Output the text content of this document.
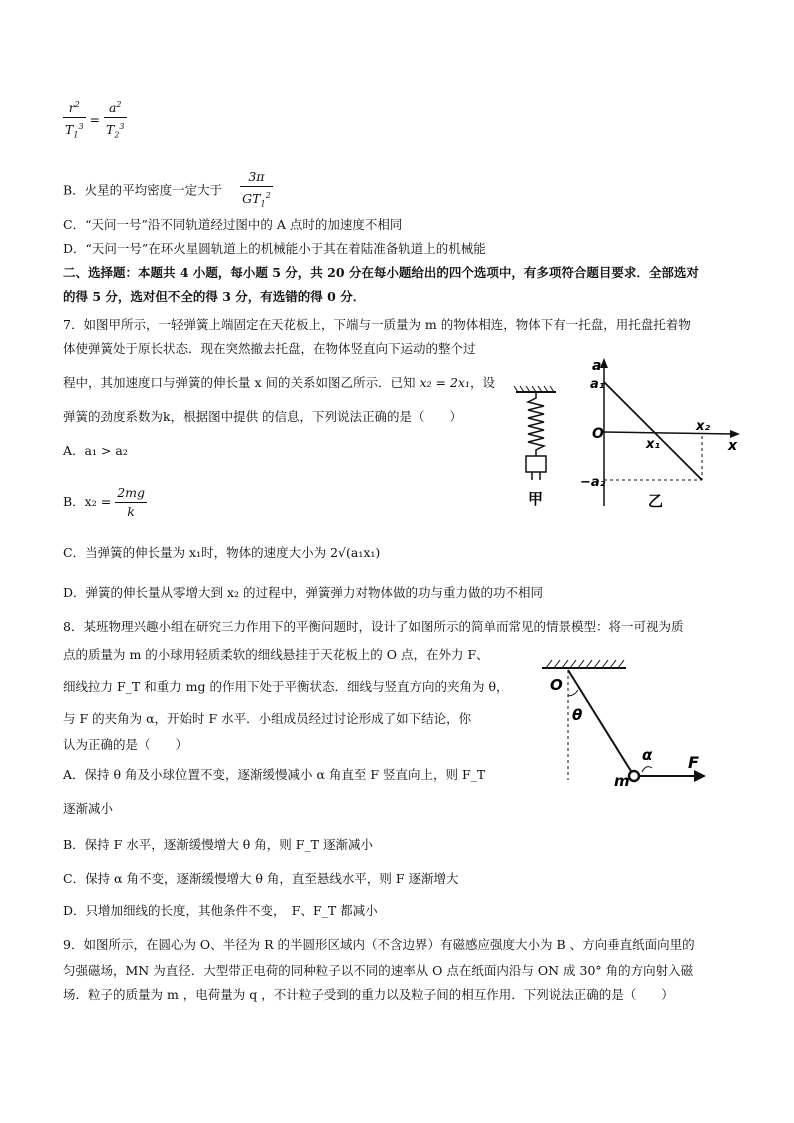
$\frac{r^2}{T_1^3} = \frac{a^2}{T_2^3}$
B．火星的平均密度一定大于 $\frac{3\pi}{GT_1^2}$
C．“天问一号”沿不同轨道经过图中的 A 点时的加速度不相同
D．“天问一号”在环火星圆轨道上的机械能小于其在着陆准备轨道上的机械能
二、选择题：本题共 4 小题，每小题 5 分，共 20 分在每小题给出的四个选项中，有多项符合题目要求．全部选对
的得 5 分，选对但不全的得 3 分，有选错的得 0 分．
7．如图甲所示，一轻弹簧上端固定在天花板上，下端与一质量为 m 的物体相连，物体下有一托盘，用托盘托着物
体使弹簧处于原长状态．现在突然撤去托盘，在物体竖直向下运动的整个过
程中，其加速度口与弹簧的伸长量 x 间的关系如图乙所示．已知 x₂ = 2x₁，设
弹簧的劲度系数为k，根据图中提供 的信息，下列说法正确的是（　　）
A．a₁ > a₂
B．$x_2 = \frac{2mg}{k}$
C．当弹簧的伸长量为 x₁时，物体的速度大小为 2√(a₁x₁)
D．弹簧的伸长量从零增大到 x₂ 的过程中，弹簧弹力对物体做的功与重力做的功不相同
甲
a
a₁
O
x₁
x₂
x
−a₂
乙
8．某班物理兴趣小组在研究三力作用下的平衡问题时，设计了如图所示的简单而常见的情景模型：将一可视为质
点的质量为 m 的小球用轻质柔软的细线悬挂于天花板上的 O 点，在外力 F、
细线拉力 F_T 和重力 mg 的作用下处于平衡状态．细线与竖直方向的夹角为 θ，
与 F 的夹角为 α，开始时 F 水平．小组成员经过讨论形成了如下结论，你
认为正确的是（　　）
A．保持 θ 角及小球位置不变，逐渐缓慢减小 α 角直至 F 竖直向上，则 F_T
逐渐减小
B．保持 F 水平，逐渐缓慢增大 θ 角，则 F_T 逐渐减小
C．保持 α 角不变，逐渐缓慢增大 θ 角，直至悬线水平，则 F 逐渐增大
D．只增加细线的长度，其他条件不变，　F、F_T 都减小
O
θ
α
m
F
9．如图所示，在圆心为 O、半径为 R 的半圆形区域内（不含边界）有磁感应强度大小为 B 、方向垂直纸面向里的
匀强磁场，MN 为直径．大型带正电荷的同种粒子以不同的速率从 O 点在纸面内沿与 ON 成 30° 角的方向射入磁
场．粒子的质量为 m ，电荷量为 q ，不计粒子受到的重力以及粒子间的相互作用．下列说法正确的是（　　）
